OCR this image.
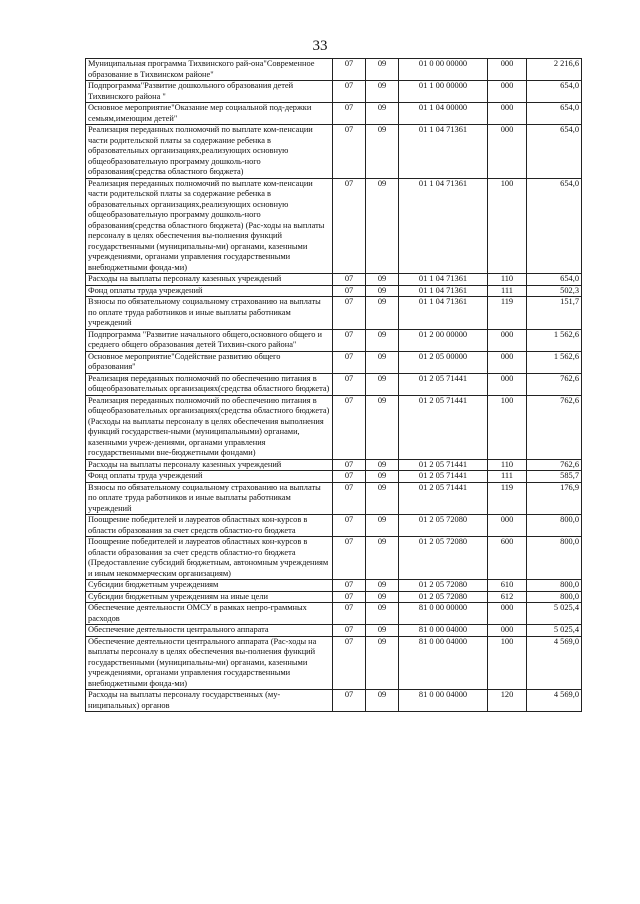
33
Муниципальная программа Тихвинского рай-она"Современное образование в Тихвинском районе"	07	09	01 0 00 00000	000	2 216,6
Подпрограмма"Развитие дошкольного образования детей Тихвинского района "	07	09	01 1 00 00000	000	654,0
Основное мероприятие"Оказание мер социальной под-держки семьям,имеющим детей"	07	09	01 1 04 00000	000	654,0
Реализация переданных полномочий по выплате ком-пенсации части родительской платы за содержание ребенка в образовательных организациях,реализующих основную общеобразовательную программу дошколь-ного образования(средства областного бюджета)	07	09	01 1 04 71361	000	654,0
Реализация переданных полномочий по выплате ком-пенсации части родительской платы за содержание ребенка в образовательных организациях,реализующих основную общеобразовательную программу дошколь-ного образования(средства областного бюджета) (Рас-ходы на выплаты персоналу в целях обеспечения вы-полнения функций государственными (муниципальны-ми) органами, казенными учреждениями, органами управления государственными внебюджетными фонда-ми)	07	09	01 1 04 71361	100	654,0
Расходы на выплаты персоналу казенных учреждений	07	09	01 1 04 71361	110	654,0
Фонд оплаты труда учреждений	07	09	01 1 04 71361	111	502,3
Взносы по обязательному социальному страхованию на выплаты по оплате труда работников и иные выплаты работникам учреждений	07	09	01 1 04 71361	119	151,7
Подпрограмма "Развитие начального общего,основного общего и среднего общего образования детей Тихвин-ского района"	07	09	01 2 00 00000	000	1 562,6
Основное мероприятие"Содействие развитию общего образования"	07	09	01 2 05 00000	000	1 562,6
Реализация переданных полномочий по обеспечению питания в общеобразовательных организациях(средства областного бюджета)	07	09	01 2 05 71441	000	762,6
Реализация переданных полномочий по обеспечению питания в общеобразовательных организациях(средства областного бюджета) (Расходы на выплаты персоналу в целях обеспечения выполнения функций государствен-ными (муниципальными) органами, казенными учреж-дениями, органами управления государственными вне-бюджетными фондами)	07	09	01 2 05 71441	100	762,6
Расходы на выплаты персоналу казенных учреждений	07	09	01 2 05 71441	110	762,6
Фонд оплаты труда учреждений	07	09	01 2 05 71441	111	585,7
Взносы по обязательному социальному страхованию на выплаты по оплате труда работников и иные выплаты работникам учреждений	07	09	01 2 05 71441	119	176,9
Поощрение победителей и лауреатов областных кон-курсов в области образования за счет средств областно-го бюджета	07	09	01 2 05 72080	000	800,0
Поощрение победителей и лауреатов областных кон-курсов в области образования за счет средств областно-го бюджета (Предоставление субсидий бюджетным, автономным учреждениям и иным некоммерческим организациям)	07	09	01 2 05 72080	600	800,0
Субсидии бюджетным учреждениям	07	09	01 2 05 72080	610	800,0
Субсидии бюджетным учреждениям на иные цели	07	09	01 2 05 72080	612	800,0
Обеспечение деятельности ОМСУ в рамках непро-граммных расходов	07	09	81 0 00 00000	000	5 025,4
Обеспечение деятельности центрального аппарата	07	09	81 0 00 04000	000	5 025,4
Обеспечение деятельности центрального аппарата (Рас-ходы на выплаты персоналу в целях обеспечения вы-полнения функций государственными (муниципальны-ми) органами, казенными учреждениями, органами управления государственными внебюджетными фонда-ми)	07	09	81 0 00 04000	100	4 569,0
Расходы на выплаты персоналу государственных (му-ниципальных) органов	07	09	81 0 00 04000	120	4 569,0
